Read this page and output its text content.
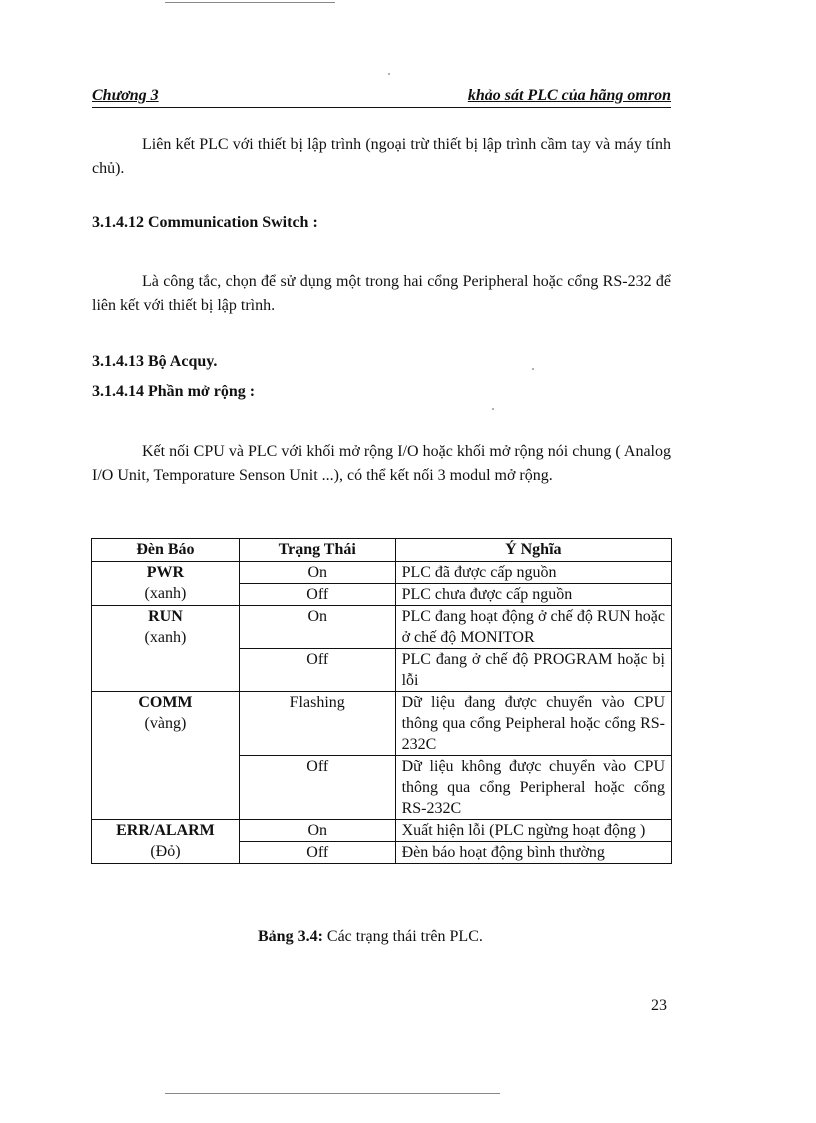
Chương 3	khảo sát PLC của hãng omron

Liên kết PLC với thiết bị lập trình (ngoại trừ thiết bị lập trình cầm tay và máy tính chủ).

3.1.4.12 Communication Switch :

Là công tắc, chọn để sử dụng một trong hai cổng Peripheral hoặc cổng RS-232 để liên kết với thiết bị lập trình.

3.1.4.13 Bộ Acquy.

3.1.4.14 Phần mở rộng :

Kết nối CPU và PLC với khối mở rộng I/O hoặc khối mở rộng nói chung ( Analog I/O Unit, Temporature Senson Unit ...), có thể kết nối 3 modul mở rộng.

Đèn Báo	Trạng Thái	Ý Nghĩa

PWR
(xanh)	On	PLC đã được cấp nguồn
	Off	PLC chưa được cấp nguồn

RUN
(xanh)	On	PLC đang hoạt động ở chế độ RUN hoặc ở chế độ MONITOR
	Off	PLC đang ở chế độ PROGRAM hoặc bị lỗi

COMM
(vàng)	Flashing	Dữ liệu đang được chuyển vào CPU thông qua cổng Peipheral hoặc cổng RS-232C
	Off	Dữ liệu không được chuyển vào CPU thông qua cổng Peripheral hoặc cổng RS-232C

ERR/ALARM
(Đỏ)	On	Xuất hiện lỗi (PLC ngừng hoạt động )
	Off	Đèn báo hoạt động bình thường
Bảng 3.4: Các trạng thái trên PLC.
23
